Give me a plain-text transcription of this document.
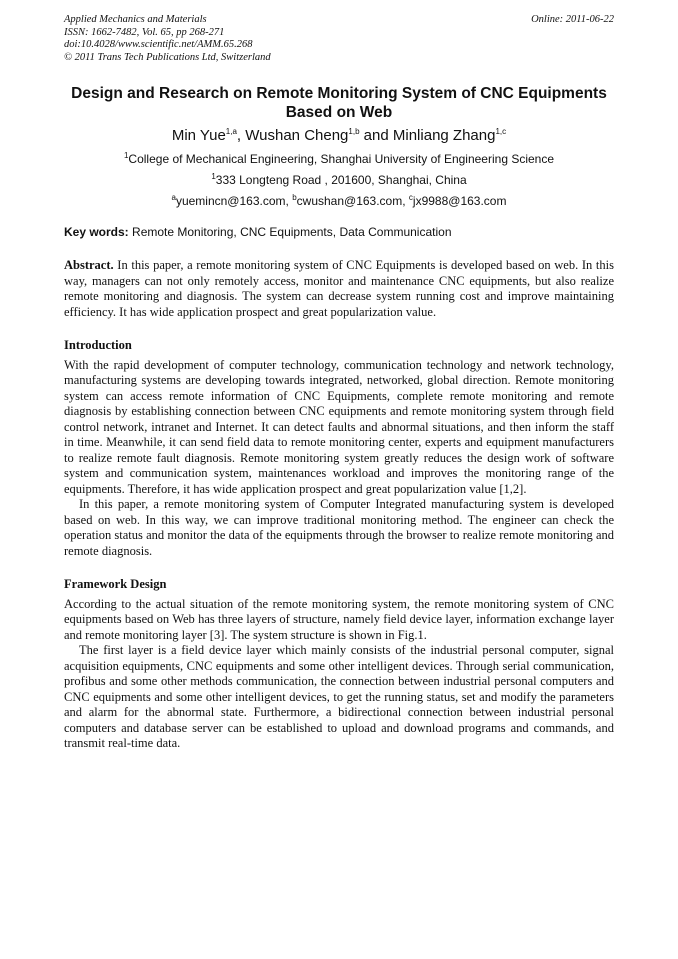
Applied Mechanics and Materials
ISSN: 1662-7482, Vol. 65, pp 268-271
doi:10.4028/www.scientific.net/AMM.65.268
© 2011 Trans Tech Publications Ltd, Switzerland
Online: 2011-06-22
Design and Research on Remote Monitoring System of CNC Equipments Based on Web
Min Yue$^{1,a}$, Wushan Cheng$^{1,b}$ and Minliang Zhang$^{1,c}$
$^1$College of Mechanical Engineering, Shanghai University of Engineering Science
$^1$333 Longteng Road , 201600, Shanghai, China
$^a$yuemincn@163.com, $^b$cwushan@163.com, $^c$jx9988@163.com
Key words: Remote Monitoring, CNC Equipments, Data Communication

Abstract. In this paper, a remote monitoring system of CNC Equipments is developed based on web. In this way, managers can not only remotely access, monitor and maintenance CNC equipments, but also realize remote monitoring and diagnosis. The system can decrease system running cost and improve maintaining efficiency. It has wide application prospect and great popularization value.

Introduction

With the rapid development of computer technology, communication technology and network technology, manufacturing systems are developing towards integrated, networked, global direction. Remote monitoring system can access remote information of CNC Equipments, complete remote monitoring and remote diagnosis by establishing connection between CNC equipments and remote monitoring system through field control network, intranet and Internet. It can detect faults and abnormal situations, and then inform the staff in time. Meanwhile, it can send field data to remote monitoring center, experts and equipment manufacturers to realize remote fault diagnosis. Remote monitoring system greatly reduces the design work of software system and communication system, maintenances workload and improves the monitoring range of the equipments. Therefore, it has wide application prospect and great popularization value [1,2].

In this paper, a remote monitoring system of Computer Integrated manufacturing system is developed based on web. In this way, we can improve traditional monitoring method. The engineer can check the operation status and monitor the data of the equipments through the browser to realize remote monitoring and remote diagnosis.

Framework Design

According to the actual situation of the remote monitoring system, the remote monitoring system of CNC equipments based on Web has three layers of structure, namely field device layer, information exchange layer and remote monitoring layer [3]. The system structure is shown in Fig.1.

The first layer is a field device layer which mainly consists of the industrial personal computer, signal acquisition equipments, CNC equipments and some other intelligent devices. Through serial communication, profibus and some other methods communication, the connection between industrial personal computers and CNC equipments and some other intelligent devices, to get the running status, set and modify the parameters and alarm for the abnormal state. Furthermore, a bidirectional connection between industrial personal computers and database server can be established to upload and download programs and commands, and transmit real-time data.
